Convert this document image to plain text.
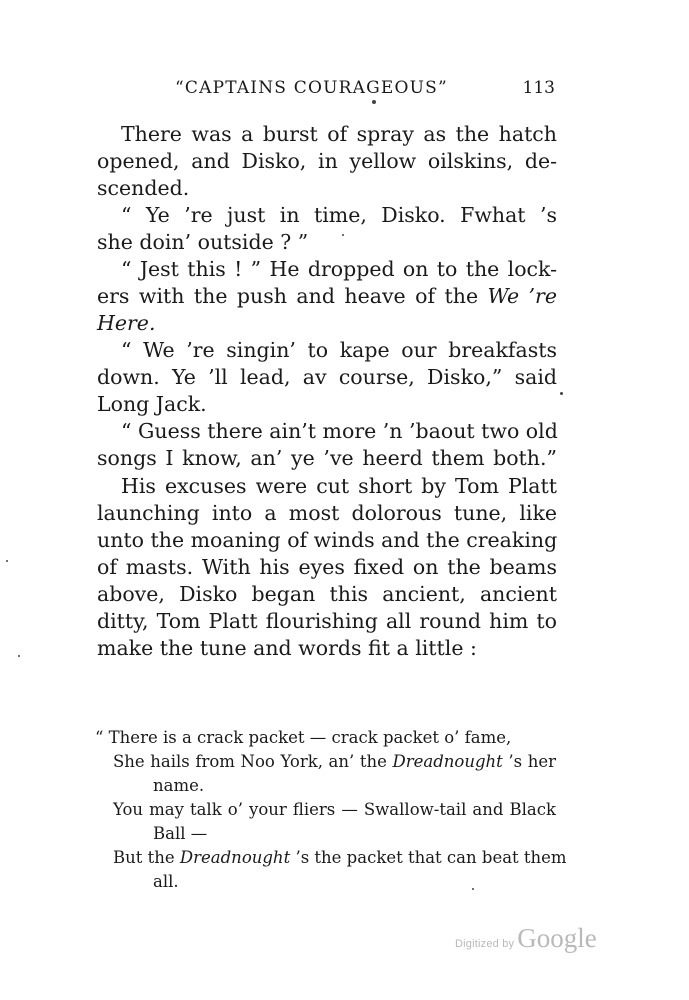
“CAPTAINS COURAGEOUS”	113
There was a burst of spray as the hatch
opened, and Disko, in yellow oilskins, de-
scended.
“ Ye ’re just in time, Disko. Fwhat ’s
she doin’ outside ? ”
“ Jest this ! ” He dropped on to the lock-
ers with the push and heave of the We ’re
Here.
“ We ’re singin’ to kape our breakfasts
down. Ye ’ll lead, av course, Disko,” said
Long Jack.
“ Guess there ain’t more ’n ’baout two old
songs I know, an’ ye ’ve heerd them both.”
His excuses were cut short by Tom Platt
launching into a most dolorous tune, like
unto the moaning of winds and the creaking
of masts. With his eyes fixed on the beams
above, Disko began this ancient, ancient
ditty, Tom Platt flourishing all round him to
make the tune and words fit a little :
“ There is a crack packet — crack packet o’ fame,
She hails from Noo York, an’ the Dreadnought ’s her
name.
You may talk o’ your fliers — Swallow-tail and Black
Ball —
But the Dreadnought ’s the packet that can beat them
all.
Digitized by Google
